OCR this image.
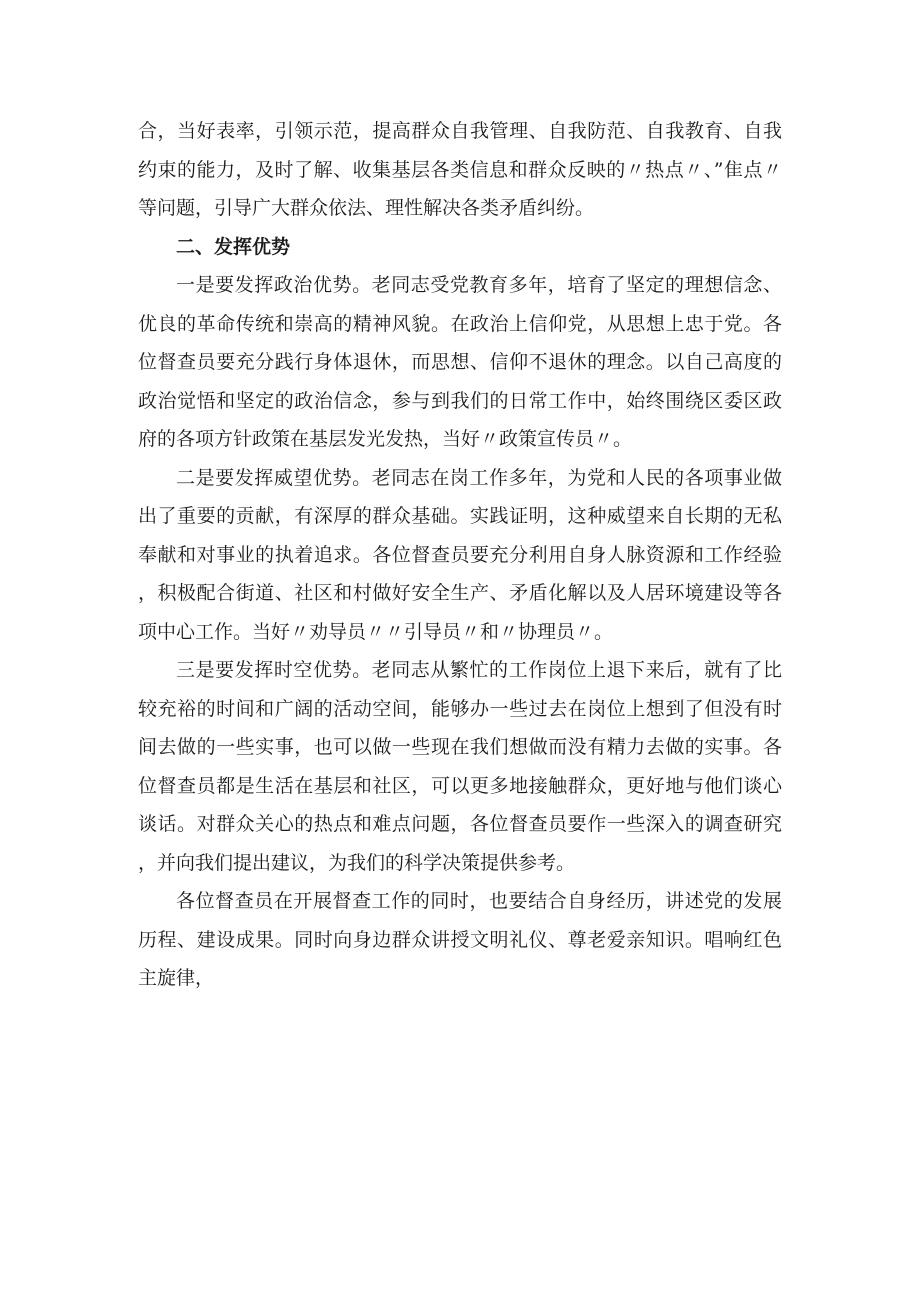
合，当好表率，引领示范，提高群众自我管理、自我防范、自我教育、自我约束的能力，及时了解、收集基层各类信息和群众反映的〃热点〃、”隹点〃等问题，引导广大群众依法、理性解决各类矛盾纠纷。

二、发挥优势

一是要发挥政治优势。老同志受党教育多年，培育了坚定的理想信念、优良的革命传统和崇高的精神风貌。在政治上信仰党，从思想上忠于党。各位督查员要充分践行身体退休，而思想、信仰不退休的理念。以自己高度的政治觉悟和坚定的政治信念，参与到我们的日常工作中，始终围绕区委区政府的各项方针政策在基层发光发热，当好〃政策宣传员〃。

二是要发挥威望优势。老同志在岗工作多年，为党和人民的各项事业做出了重要的贡献，有深厚的群众基础。实践证明，这种威望来自长期的无私奉献和对事业的执着追求。各位督查员要充分利用自身人脉资源和工作经验，积极配合街道、社区和村做好安全生产、矛盾化解以及人居环境建设等各项中心工作。当好〃劝导员〃〃引导员〃和〃协理员〃。

三是要发挥时空优势。老同志从繁忙的工作岗位上退下来后，就有了比较充裕的时间和广阔的活动空间，能够办一些过去在岗位上想到了但没有时间去做的一些实事，也可以做一些现在我们想做而没有精力去做的实事。各位督查员都是生活在基层和社区，可以更多地接触群众，更好地与他们谈心谈话。对群众关心的热点和难点问题，各位督查员要作一些深入的调查研究，并向我们提出建议，为我们的科学决策提供参考。

各位督查员在开展督查工作的同时，也要结合自身经历，讲述党的发展历程、建设成果。同时向身边群众讲授文明礼仪、尊老爱亲知识。唱响红色主旋律，
